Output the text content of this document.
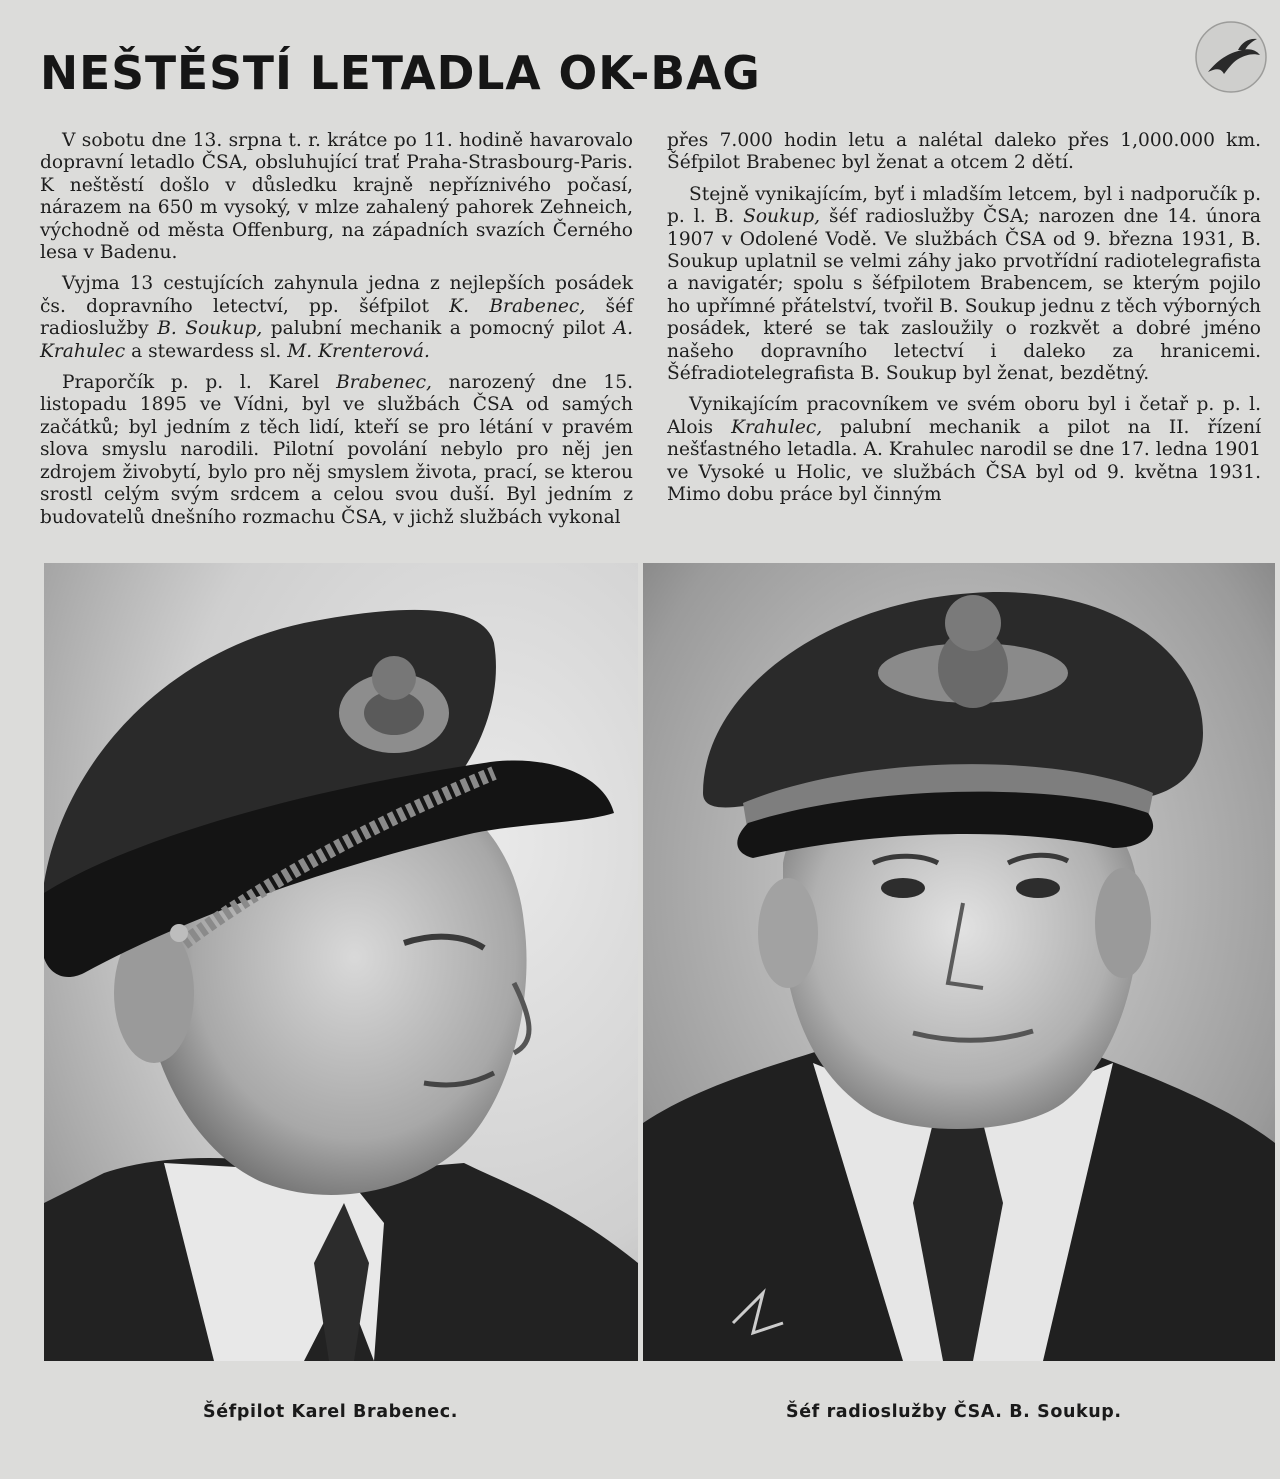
NEŠTĚSTÍ LETADLA OK-BAG

V sobotu dne 13. srpna t. r. krátce po 11. hodině havarovalo dopravní letadlo ČSA, obsluhující trať Praha-Strasbourg-Paris. K neštěstí došlo v důsledku krajně nepříznivého počasí, nárazem na 650 m vysoký, v mlze zahalený pahorek Zehneich, východně od města Offenburg, na západních svazích Černého lesa v Badenu.

Vyjma 13 cestujících zahynula jedna z nejlepších posádek čs. dopravního letectví, pp. šéfpilot K. Brabenec, šéf radioslužby B. Soukup, palubní mechanik a pomocný pilot A. Krahulec a stewardess sl. M. Krenterová.

Praporčík p. p. l. Karel Brabenec, narozený dne 15. listopadu 1895 ve Vídni, byl ve službách ČSA od samých začátků; byl jedním z těch lidí, kteří se pro létání v pravém slova smyslu narodili. Pilotní povolání nebylo pro něj jen zdrojem živobytí, bylo pro něj smyslem života, prací, se kterou srostl celým svým srdcem a celou svou duší. Byl jedním z budovatelů dnešního rozmachu ČSA, v jichž službách vykonal

přes 7.000 hodin letu a nalétal daleko přes 1,000.000 km. Šéfpilot Brabenec byl ženat a otcem 2 dětí.

Stejně vynikajícím, byť i mladším letcem, byl i nadporučík p. p. l. B. Soukup, šéf radioslužby ČSA; narozen dne 14. února 1907 v Odolené Vodě. Ve službách ČSA od 9. března 1931, B. Soukup uplatnil se velmi záhy jako prvotřídní radiotelegrafista a navigatér; spolu s šéfpilotem Brabencem, se kterým pojilo ho upřímné přátelství, tvořil B. Soukup jednu z těch výborných posádek, které se tak zasloužily o rozkvět a dobré jméno našeho dopravního letectví i daleko za hranicemi. Šéfradiotelegrafista B. Soukup byl ženat, bezdětný.

Vynikajícím pracovníkem ve svém oboru byl i četař p. p. l. Alois Krahulec, palubní mechanik a pilot na II. řízení nešťastného letadla. A. Krahulec narodil se dne 17. ledna 1901 ve Vysoké u Holic, ve službách ČSA byl od 9. května 1931. Mimo dobu práce byl činným

Šéfpilot Karel Brabenec.	Šéf radioslužby ČSA. B. Soukup.
